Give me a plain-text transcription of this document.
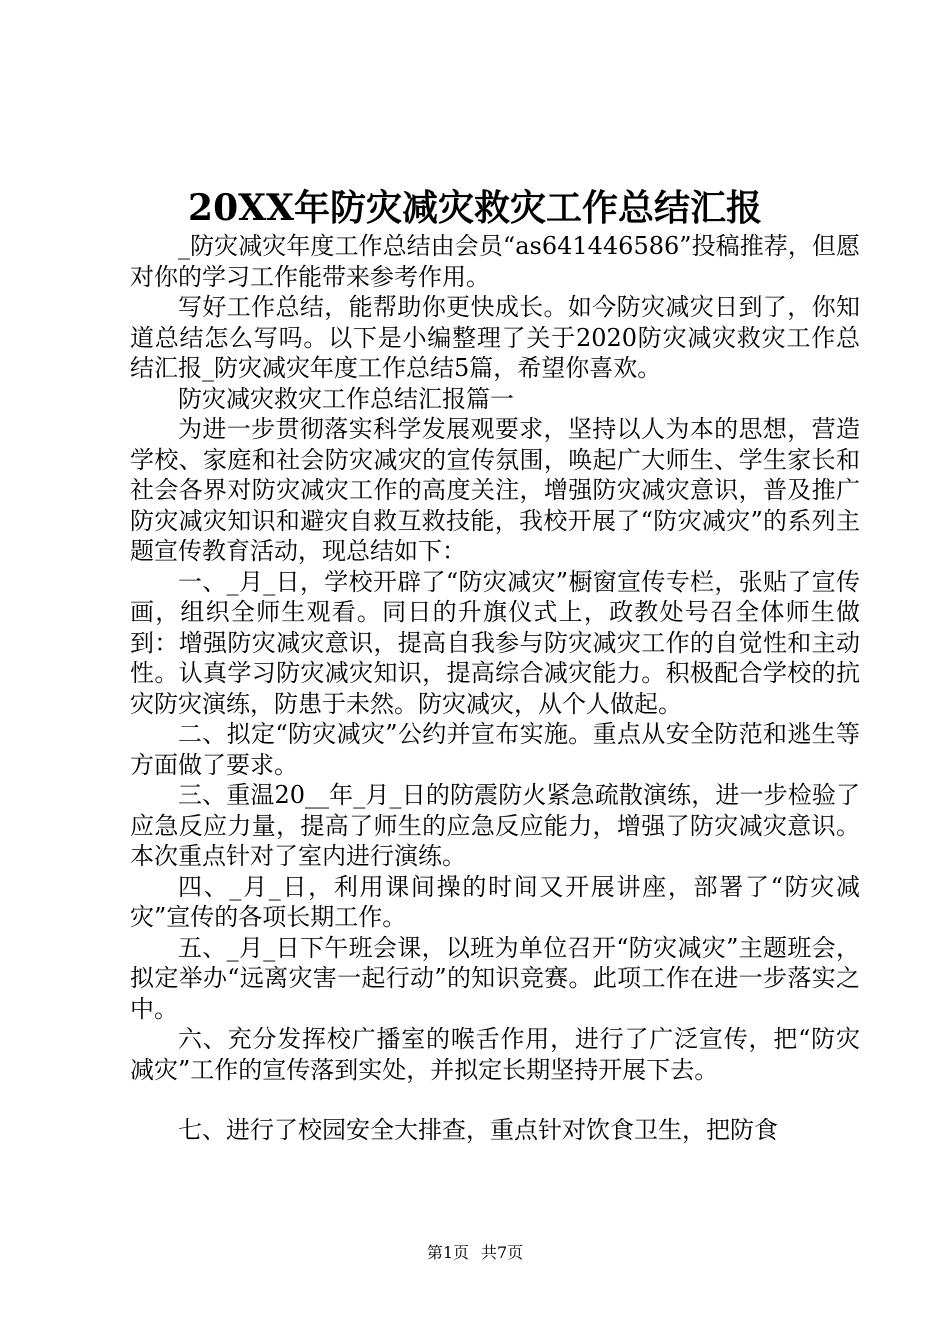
20XX年防灾减灾救灾工作总结汇报

_防灾减灾年度工作总结由会员“as641446586”投稿推荐，但愿对你的学习工作能带来参考作用。

写好工作总结，能帮助你更快成长。如今防灾减灾日到了，你知道总结怎么写吗。以下是小编整理了关于2020防灾减灾救灾工作总结汇报_防灾减灾年度工作总结5篇，希望你喜欢。

防灾减灾救灾工作总结汇报篇一

为进一步贯彻落实科学发展观要求，坚持以人为本的思想，营造学校、家庭和社会防灾减灾的宣传氛围，唤起广大师生、学生家长和社会各界对防灾减灾工作的高度关注，增强防灾减灾意识，普及推广防灾减灾知识和避灾自救互救技能，我校开展了“防灾减灾”的系列主题宣传教育活动，现总结如下：

一、_月_日，学校开辟了“防灾减灾”橱窗宣传专栏，张贴了宣传画，组织全师生观看。同日的升旗仪式上，政教处号召全体师生做到：增强防灾减灾意识，提高自我参与防灾减灾工作的自觉性和主动性。认真学习防灾减灾知识，提高综合减灾能力。积极配合学校的抗灾防灾演练，防患于未然。防灾减灾，从个人做起。

二、拟定“防灾减灾”公约并宣布实施。重点从安全防范和逃生等方面做了要求。

三、重温20__年_月_日的防震防火紧急疏散演练，进一步检验了应急反应力量，提高了师生的应急反应能力，增强了防灾减灾意识。本次重点针对了室内进行演练。

四、_月_日，利用课间操的时间又开展讲座，部署了“防灾减灾”宣传的各项长期工作。

五、_月_日下午班会课，以班为单位召开“防灾减灾”主题班会，拟定举办“远离灾害一起行动”的知识竞赛。此项工作在进一步落实之中。

六、充分发挥校广播室的喉舌作用，进行了广泛宣传，把“防灾减灾”工作的宣传落到实处，并拟定长期坚持开展下去。

七、进行了校园安全大排查，重点针对饮食卫生，把防食

第1页 共7页
